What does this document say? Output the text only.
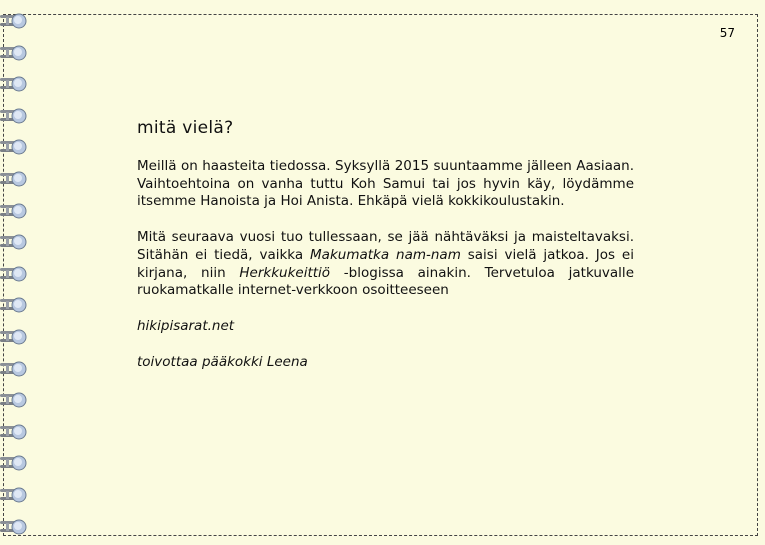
57
mitä vielä?

Meillä on haasteita tiedossa. Syksyllä 2015 suuntaamme jälleen Aasiaan. Vaihtoehtoina on vanha tuttu Koh Samui tai jos hyvin käy, löydämme itsemme Hanoista ja Hoi Anista. Ehkäpä vielä kokkikoulustakin.

Mitä seuraava vuosi tuo tullessaan, se jää nähtäväksi ja maisteltavaksi. Sitähän ei tiedä, vaikka Makumatka nam-nam saisi vielä jatkoa. Jos ei kirjana, niin Herkkukeittiö -blogissa ainakin. Tervetuloa jatkuvalle ruokamatkalle internet-verkkoon osoitteeseen

hikipisarat.net

toivottaa pääkokki Leena
